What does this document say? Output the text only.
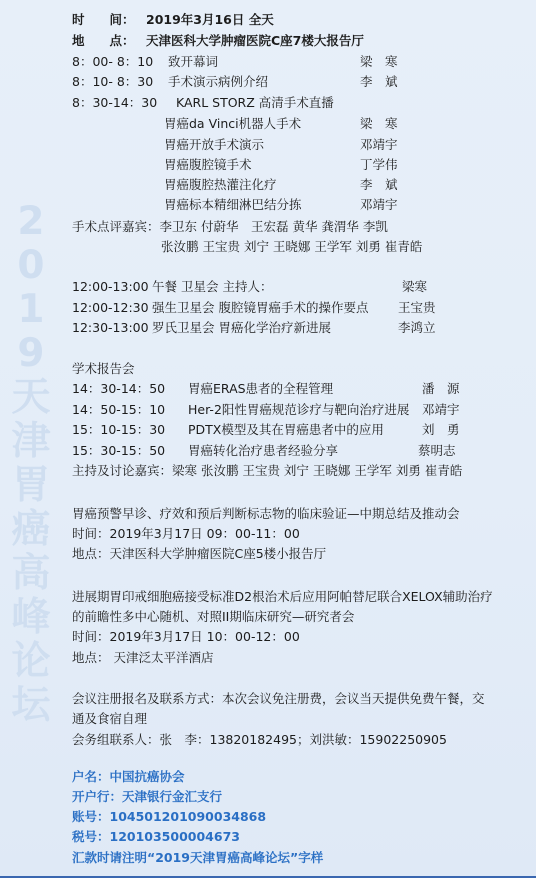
2
0
1
9
天
津
胃
癌
高
峰
论
坛
时　　间： 2019年3月16日 全天
地　　点： 天津医科大学肿瘤医院C座7楼大报告厅
8：00- 8：10 致开幕词	梁　寒
8：10- 8：30 手术演示病例介绍	李　斌
8：30-14：30 KARL STORZ 高清手术直播
胃癌da Vinci机器人手术	梁　寒
胃癌开放手术演示	邓靖宇
胃癌腹腔镜手术	丁学伟
胃癌腹腔热灌注化疗	李　斌
胃癌标本精细淋巴结分拣	邓靖宇
手术点评嘉宾：李卫东 付蔚华　王宏磊 黄华 龚渭华 李凯
张汝鹏 王宝贵 刘宁 王晓娜 王学军 刘勇 崔青皓
12:00-13:00 午餐 卫星会 主持人：	梁寒
12:00-12:30 强生卫星会 腹腔镜胃癌手术的操作要点 王宝贵
12:30-13:00 罗氏卫星会 胃癌化学治疗新进展	李鸿立
学术报告会
14：30-14：50 胃癌ERAS患者的全程管理	潘　源
14：50-15：10 Her-2阳性胃癌规范诊疗与靶向治疗进展 邓靖宇
15：10-15：30 PDTX模型及其在胃癌患者中的应用	刘　勇
15：30-15：50 胃癌转化治疗患者经验分享	蔡明志
主持及讨论嘉宾：梁寒 张汝鹏 王宝贵 刘宁 王晓娜 王学军 刘勇 崔青皓
胃癌预警早诊、疗效和预后判断标志物的临床验证—中期总结及推动会
时间：2019年3月17日 09：00-11：00
地点：天津医科大学肿瘤医院C座5楼小报告厅
进展期胃印戒细胞癌接受标准D2根治术后应用阿帕替尼联合XELOX辅助治疗
的前瞻性多中心随机、对照II期临床研究—研究者会
时间：2019年3月17日 10：00-12：00
地点： 天津泛太平洋酒店
会议注册报名及联系方式：本次会议免注册费，会议当天提供免费午餐，交
通及食宿自理
会务组联系人：张　李：13820182495；刘洪敏：15902250905
户名：中国抗癌协会
开户行：天津银行金汇支行
账号：104501201090034868
税号：120103500004673
汇款时请注明“2019天津胃癌高峰论坛”字样
